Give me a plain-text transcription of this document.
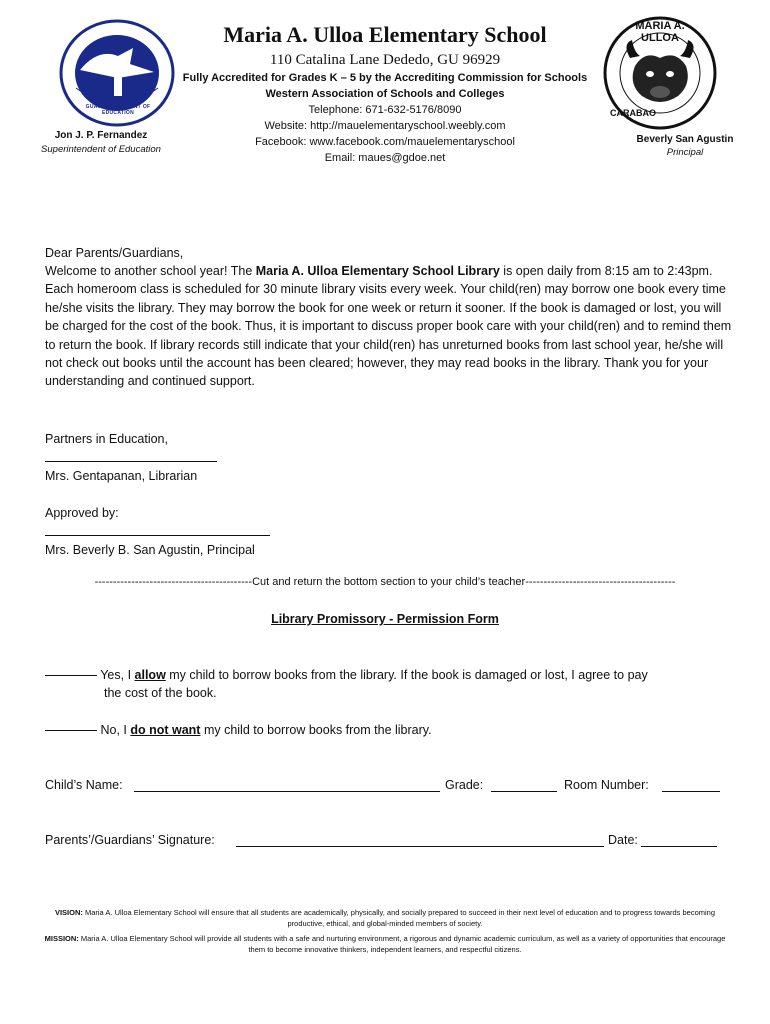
GUAM DEPARTMENT OF EDUCATION
Jon J. P. Fernandez
Superintendent of Education
MARIA A. ULLOA
CARABAO
Beverly San Agustin
Principal
Maria A. Ulloa Elementary School
110 Catalina Lane Dededo, GU 96929
Fully Accredited for Grades K – 5 by the Accrediting Commission for Schools
Western Association of Schools and Colleges
Telephone: 671-632-5176/8090
Website: http://mauelementaryschool.weebly.com
Facebook: www.facebook.com/mauelementaryschool
Email: maues@gdoe.net
Dear Parents/Guardians,
Welcome to another school year! The Maria A. Ulloa Elementary School Library is open daily from 8:15 am to 2:43pm. Each homeroom class is scheduled for 30 minute library visits every week. Your child(ren) may borrow one book every time he/she visits the library. They may borrow the book for one week or return it sooner. If the book is damaged or lost, you will be charged for the cost of the book. Thus, it is important to discuss proper book care with your child(ren) and to remind them to return the book. If library records still indicate that your child(ren) has unreturned books from last school year, he/she will not check out books until the account has been cleared; however, they may read books in the library. Thank you for your understanding and continued support.
Partners in Education,
Mrs. Gentapanan, Librarian
Approved by:
Mrs. Beverly B. San Agustin, Principal
-------------------------------------------Cut and return the bottom section to your child’s teacher-----------------------------------------
Library Promissory - Permission Form
Yes, I allow my child to borrow books from the library. If the book is damaged or lost, I agree to pay
the cost of the book.
No, I do not want my child to borrow books from the library.
Child’s Name:	Grade:	Room Number:
Parents’/Guardians’ Signature:	Date:
VISION: Maria A. Ulloa Elementary School will ensure that all students are academically, physically, and socially prepared to succeed in their next level of education and to progress towards becoming productive, ethical, and global-minded members of society.
MISSION: Maria A. Ulloa Elementary School will provide all students with a safe and nurturing environment, a rigorous and dynamic academic curriculum, as well as a variety of opportunities that encourage them to become innovative thinkers, independent learners, and respectful citizens.
